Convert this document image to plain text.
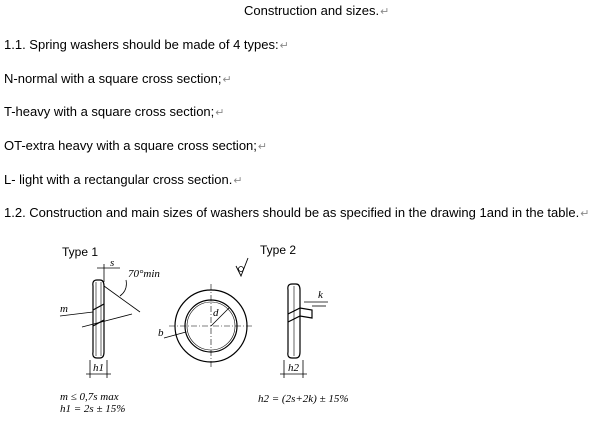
Construction and sizes.↵
1.1. Spring washers should be made of 4 types:↵
N-normal with a square cross section;↵
T-heavy with a square cross section;↵
OT-extra heavy with a square cross section;↵
L- light with a rectangular cross section.↵
1.2. Construction and main sizes of washers should be as specified in the drawing 1and in the table.↵
Type 1
s
70°min
m
h1
m ≤ 0,7s max
h1 = 2s ± 15%
d
b
Type 2
k
h2
h2 = (2s+2k) ± 15%
